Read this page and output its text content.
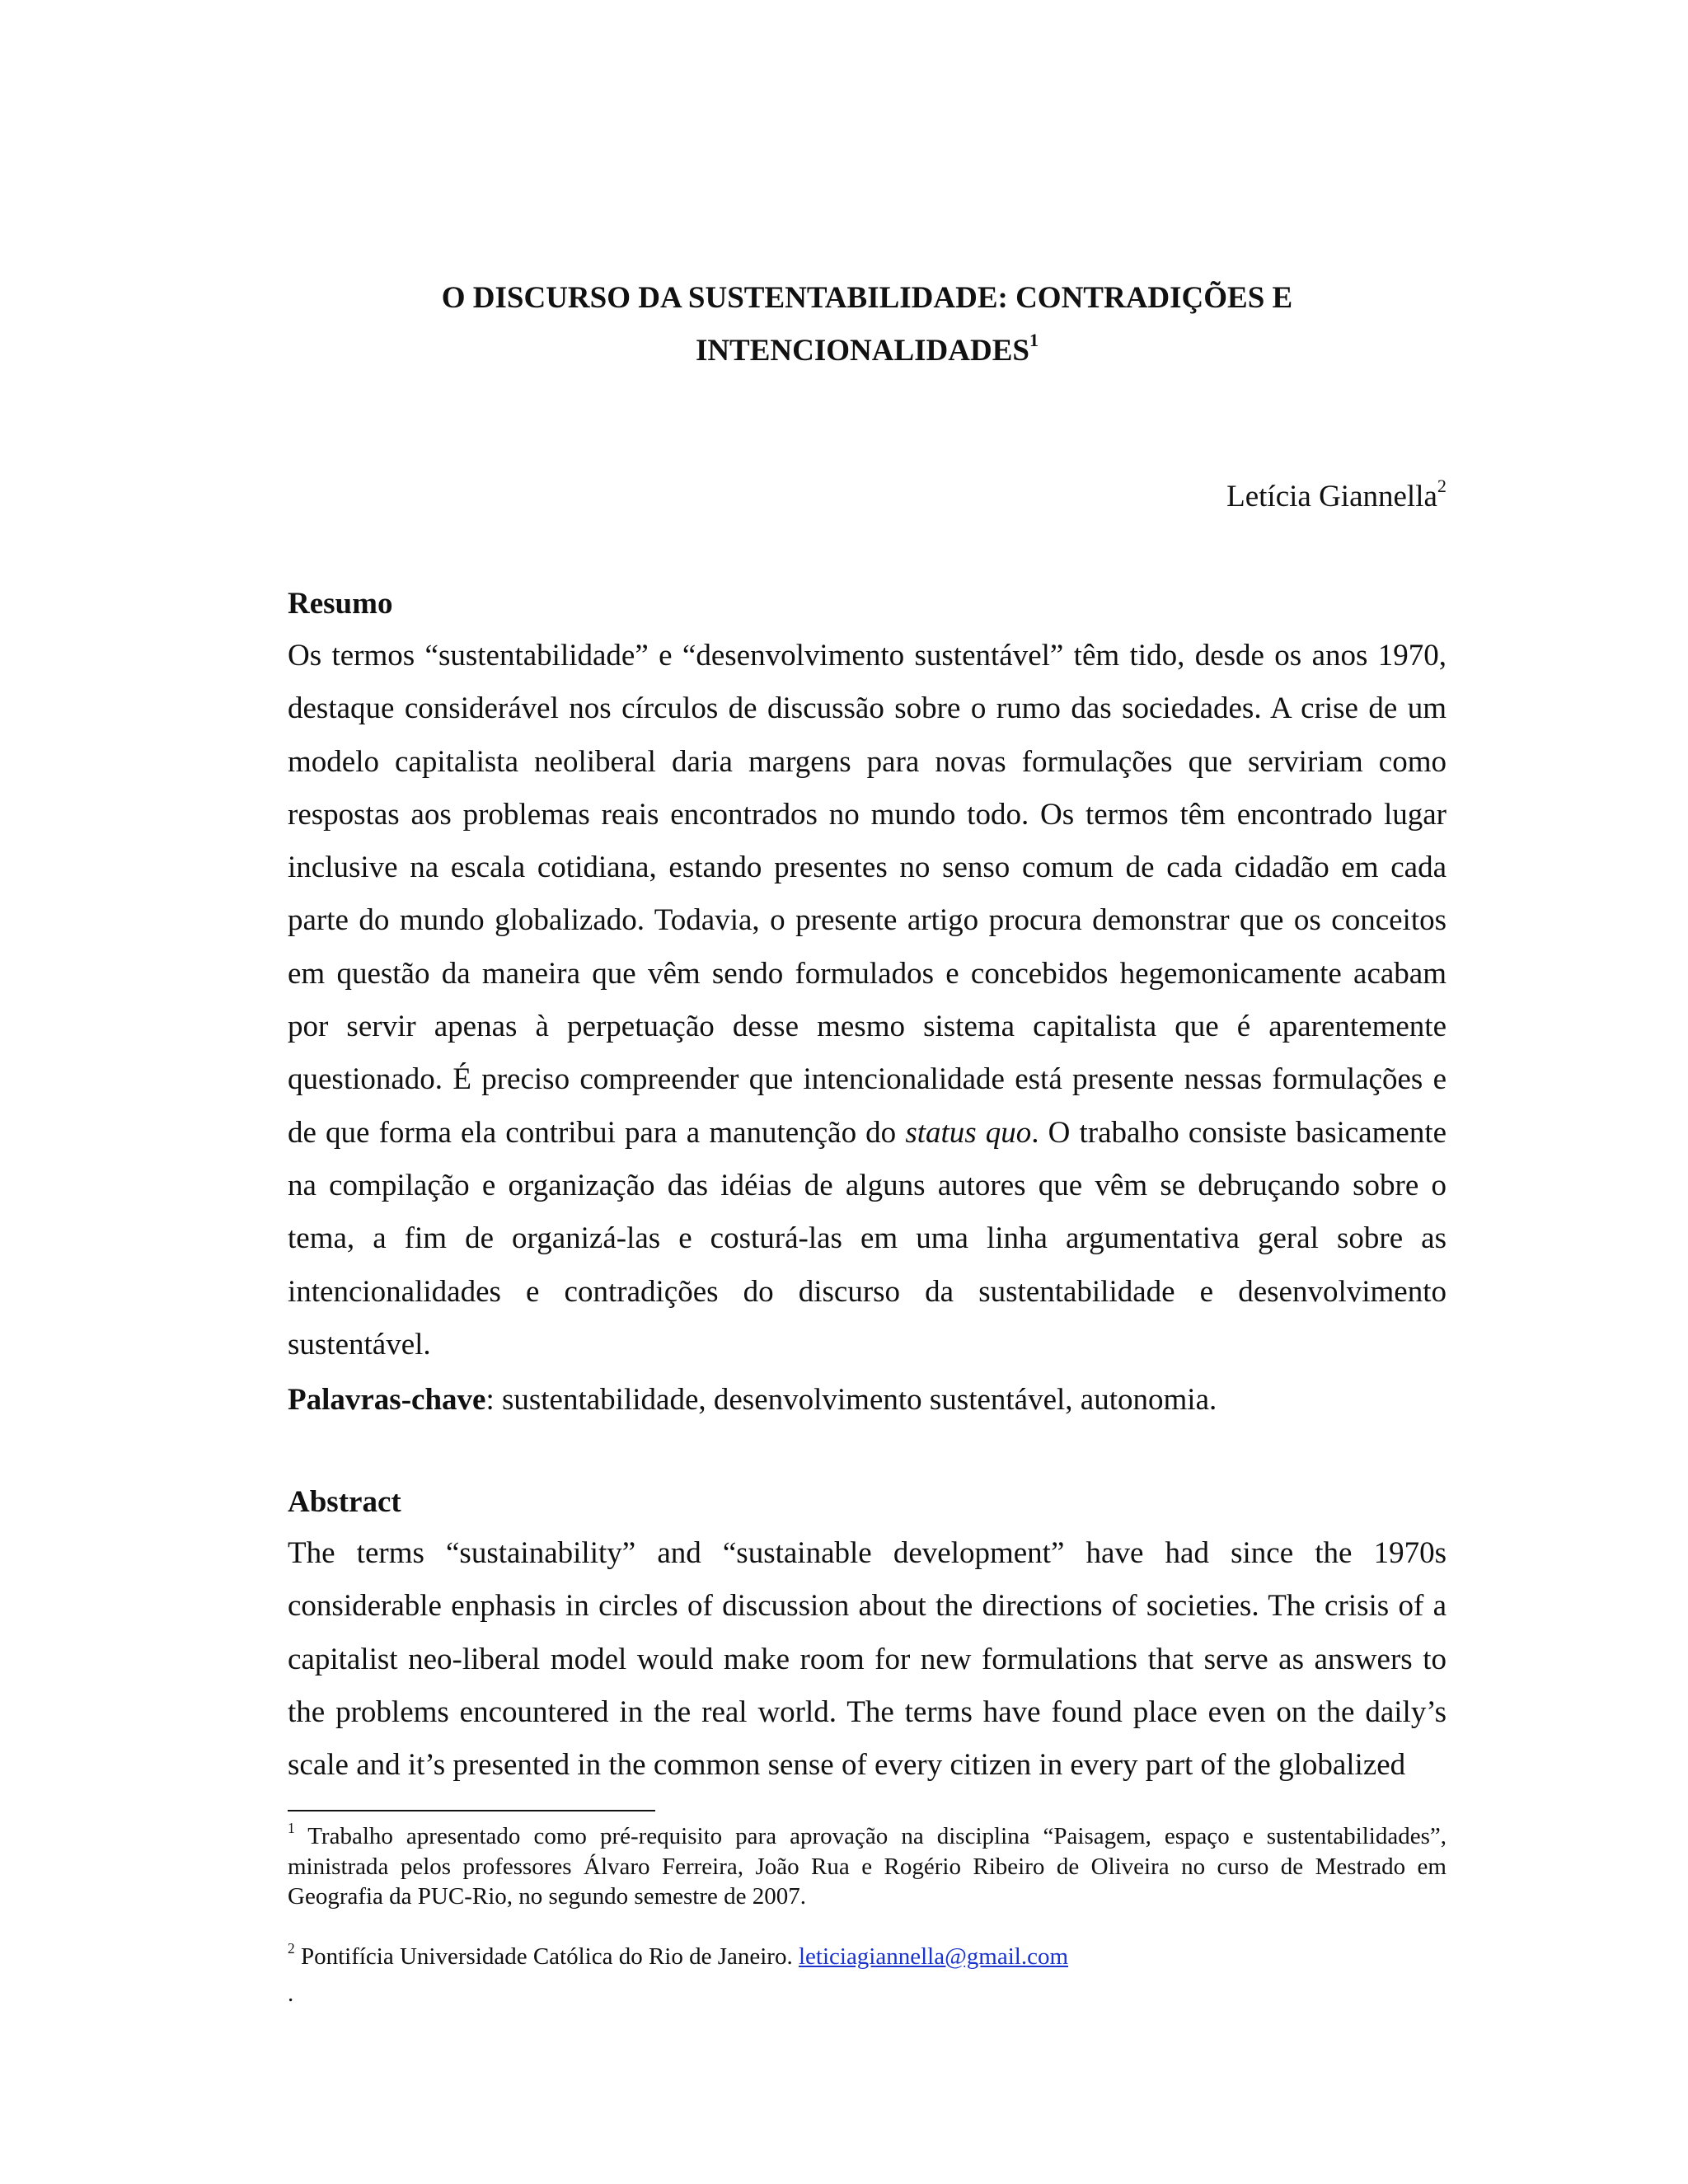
O DISCURSO DA SUSTENTABILIDADE: CONTRADIÇÕES E
INTENCIONALIDADES$^1$
Letícia Giannella$^2$
Resumo
Os termos “sustentabilidade” e “desenvolvimento sustentável” têm tido, desde os anos 1970, destaque considerável nos círculos de discussão sobre o rumo das sociedades. A crise de um modelo capitalista neoliberal daria margens para novas formulações que serviriam como respostas aos problemas reais encontrados no mundo todo. Os termos têm encontrado lugar inclusive na escala cotidiana, estando presentes no senso comum de cada cidadão em cada parte do mundo globalizado. Todavia, o presente artigo procura demonstrar que os conceitos em questão da maneira que vêm sendo formulados e concebidos hegemonicamente acabam por servir apenas à perpetuação desse mesmo sistema capitalista que é aparentemente questionado. É preciso compreender que intencionalidade está presente nessas formulações e de que forma ela contribui para a manutenção do status quo. O trabalho consiste basicamente na compilação e organização das idéias de alguns autores que vêm se debruçando sobre o tema, a fim de organizá-las e costurá-las em uma linha argumentativa geral sobre as intencionalidades e contradições do discurso da sustentabilidade e desenvolvimento sustentável.
Palavras-chave: sustentabilidade, desenvolvimento sustentável, autonomia.
Abstract
The terms “sustainability” and “sustainable development” have had since the 1970s considerable enphasis in circles of discussion about the directions of societies. The crisis of a capitalist neo-liberal model would make room for new formulations that serve as answers to the problems encountered in the real world. The terms have found place even on the daily’s scale and it’s presented in the common sense of every citizen in every part of the globalized
$^1$ Trabalho apresentado como pré-requisito para aprovação na disciplina “Paisagem, espaço e sustentabilidades”, ministrada pelos professores Álvaro Ferreira, João Rua e Rogério Ribeiro de Oliveira no curso de Mestrado em Geografia da PUC-Rio, no segundo semestre de 2007.
$^2$ Pontifícia Universidade Católica do Rio de Janeiro. leticiagiannella@gmail.com
.
